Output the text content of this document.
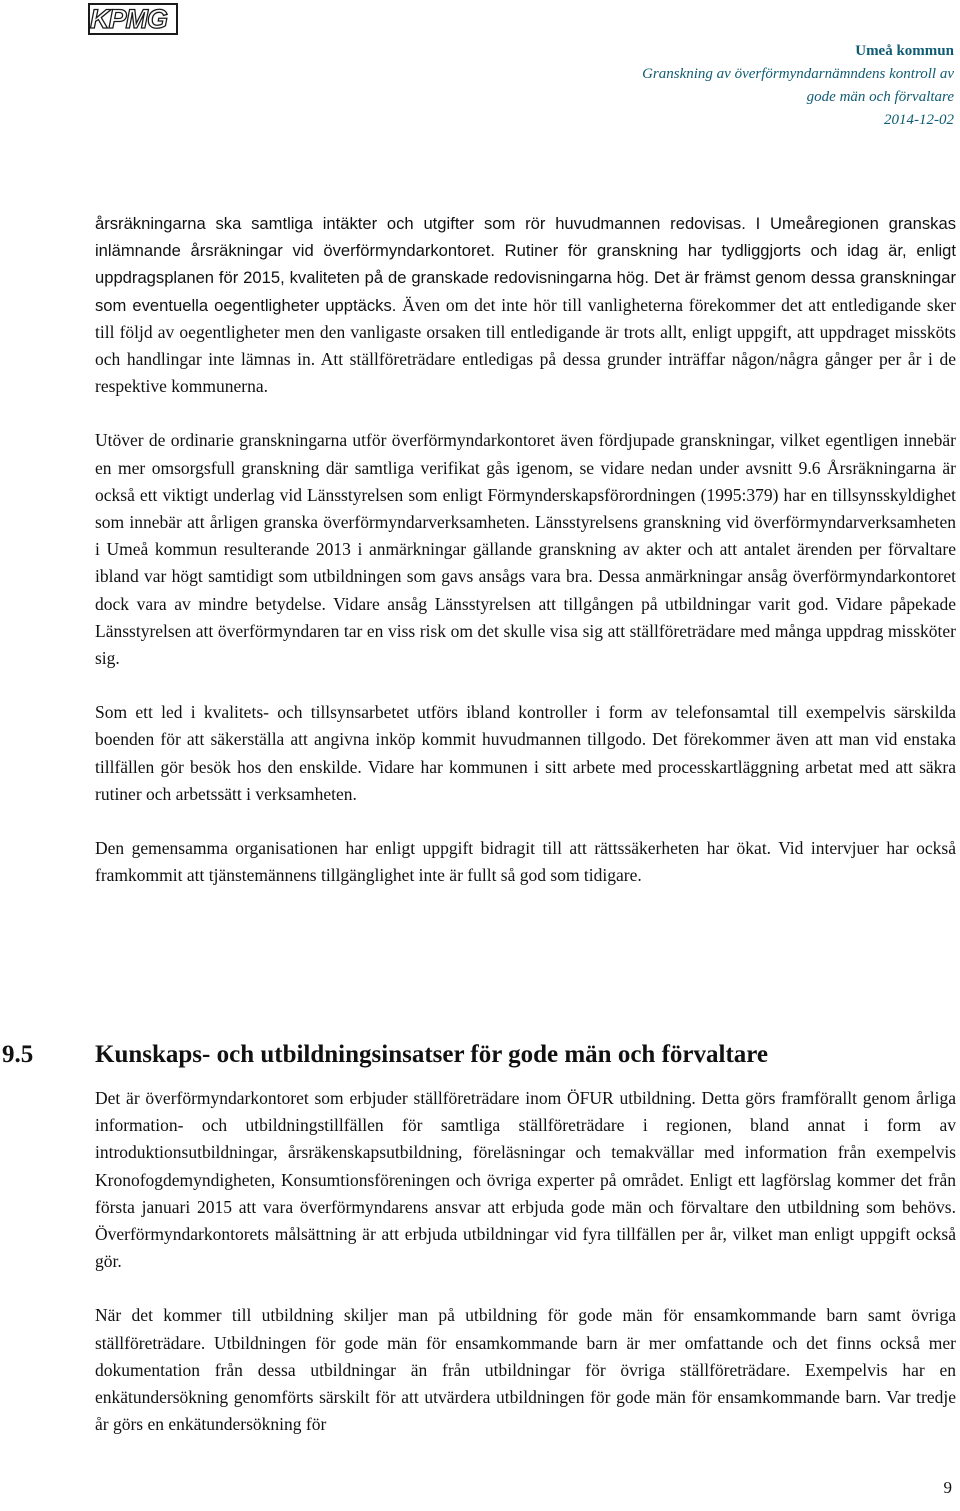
KPMG
Umeå kommun
Granskning av överförmyndarnämndens kontroll av
gode män och förvaltare
2014-12-02

årsräkningarna ska samtliga intäkter och utgifter som rör huvudmannen redovisas. I Umeåregionen granskas inlämnande årsräkningar vid överförmyndarkontoret. Rutiner för granskning har tydliggjorts och idag är, enligt uppdragsplanen för 2015, kvaliteten på de granskade redovisningarna hög. Det är främst genom dessa granskningar som eventuella oegentligheter upptäcks. Även om det inte hör till vanligheterna förekommer det att entledigande sker till följd av oegentligheter men den vanligaste orsaken till entledigande är trots allt, enligt uppgift, att uppdraget missköts och handlingar inte lämnas in. Att ställföreträdare entledigas på dessa grunder inträffar någon/några gånger per år i de respektive kommunerna.

Utöver de ordinarie granskningarna utför överförmyndarkontoret även fördjupade granskningar, vilket egentligen innebär en mer omsorgsfull granskning där samtliga verifikat gås igenom, se vidare nedan under avsnitt 9.6 Årsräkningarna är också ett viktigt underlag vid Länsstyrelsen som enligt Förmynderskapsförordningen (1995:379) har en tillsynsskyldighet som innebär att årligen granska överförmyndarverksamheten. Länsstyrelsens granskning vid överförmyndarverksamheten i Umeå kommun resulterande 2013 i anmärkningar gällande granskning av akter och att antalet ärenden per förvaltare ibland var högt samtidigt som utbildningen som gavs ansågs vara bra. Dessa anmärkningar ansåg överförmyndarkontoret dock vara av mindre betydelse. Vidare ansåg Länsstyrelsen att tillgången på utbildningar varit god. Vidare påpekade Länsstyrelsen att överförmyndaren tar en viss risk om det skulle visa sig att ställföreträdare med många uppdrag missköter sig.

Som ett led i kvalitets- och tillsynsarbetet utförs ibland kontroller i form av telefonsamtal till exempelvis särskilda boenden för att säkerställa att angivna inköp kommit huvudmannen tillgodo. Det förekommer även att man vid enstaka tillfällen gör besök hos den enskilde. Vidare har kommunen i sitt arbete med processkartläggning arbetat med att säkra rutiner och arbetssätt i verksamheten.

Den gemensamma organisationen har enligt uppgift bidragit till att rättssäkerheten har ökat. Vid intervjuer har också framkommit att tjänstemännens tillgänglighet inte är fullt så god som tidigare.

9.5 Kunskaps- och utbildningsinsatser för gode män och förvaltare

Det är överförmyndarkontoret som erbjuder ställföreträdare inom ÖFUR utbildning. Detta görs framförallt genom årliga information- och utbildningstillfällen för samtliga ställföreträdare i regionen, bland annat i form av introduktionsutbildningar, årsräkenskapsutbildning, föreläsningar och temakvällar med information från exempelvis Kronofogdemyndigheten, Konsumtionsföreningen och övriga experter på området. Enligt ett lagförslag kommer det från första januari 2015 att vara överförmyndarens ansvar att erbjuda gode män och förvaltare den utbildning som behövs. Överförmyndarkontorets målsättning är att erbjuda utbildningar vid fyra tillfällen per år, vilket man enligt uppgift också gör.

När det kommer till utbildning skiljer man på utbildning för gode män för ensamkommande barn samt övriga ställföreträdare. Utbildningen för gode män för ensamkommande barn är mer omfattande och det finns också mer dokumentation från dessa utbildningar än från utbildningar för övriga ställföreträdare. Exempelvis har en enkätundersökning genomförts särskilt för att utvärdera utbildningen för gode män för ensamkommande barn. Var tredje år görs en enkätundersökning för

9
